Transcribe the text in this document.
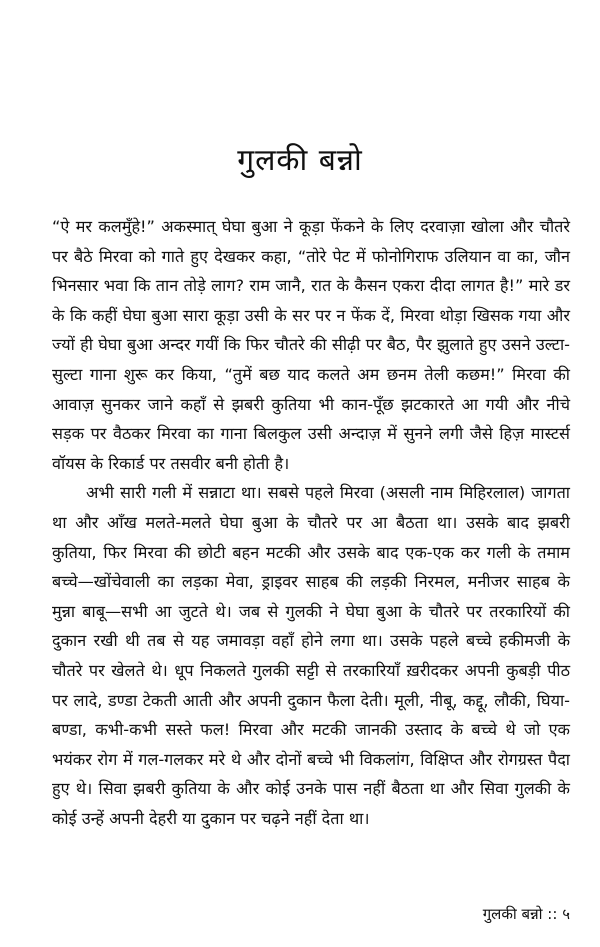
गुलकी बन्नो

“ऐ मर कलमुँहे!” अकस्मात् घेघा बुआ ने कूड़ा फेंकने के लिए दरवाज़ा खोला और चौतरे पर बैठे मिरवा को गाते हुए देखकर कहा, “तोरे पेट में फोनोगिराफ उलियान वा का, जौन भिनसार भवा कि तान तोड़े लाग? राम जानै, रात के कैसन एकरा दीदा लागत है!” मारे डर के कि कहीं घेघा बुआ सारा कूड़ा उसी के सर पर न फेंक दें, मिरवा थोड़ा खिसक गया और ज्यों ही घेघा बुआ अन्दर गयीं कि फिर चौतरे की सीढ़ी पर बैठ, पैर झुलाते हुए उसने उल्टा-सुल्टा गाना शुरू कर किया, “तुमें बछ याद कलते अम छनम तेली कछम!” मिरवा की आवाज़ सुनकर जाने कहाँ से झबरी कुतिया भी कान-पूँछ झटकारते आ गयी और नीचे सड़क पर वैठकर मिरवा का गाना बिलकुल उसी अन्दाज़ में सुनने लगी जैसे हिज़ मास्टर्स वॉयस के रिकार्ड पर तसवीर बनी होती है।

अभी सारी गली में सन्नाटा था। सबसे पहले मिरवा (असली नाम मिहिरलाल) जागता था और आँख मलते-मलते घेघा बुआ के चौतरे पर आ बैठता था। उसके बाद झबरी कुतिया, फिर मिरवा की छोटी बहन मटकी और उसके बाद एक-एक कर गली के तमाम बच्चे—खोंचेवाली का लड़का मेवा, ड्राइवर साहब की लड़की निरमल, मनीजर साहब के मुन्ना बाबू—सभी आ जुटते थे। जब से गुलकी ने घेघा बुआ के चौतरे पर तरकारियों की दुकान रखी थी तब से यह जमावड़ा वहाँ होने लगा था। उसके पहले बच्चे हकीमजी के चौतरे पर खेलते थे। धूप निकलते गुलकी सट्टी से तरकारियाँ ख़रीदकर अपनी कुबड़ी पीठ पर लादे, डण्डा टेकती आती और अपनी दुकान फैला देती। मूली, नीबू, कद्दू, लौकी, घिया-बण्डा, कभी-कभी सस्ते फल! मिरवा और मटकी जानकी उस्ताद के बच्चे थे जो एक भयंकर रोग में गल-गलकर मरे थे और दोनों बच्चे भी विकलांग, विक्षिप्त और रोगग्रस्त पैदा हुए थे। सिवा झबरी कुतिया के और कोई उनके पास नहीं बैठता था और सिवा गुलकी के कोई उन्हें अपनी देहरी या दुकान पर चढ़ने नहीं देता था।

गुलकी बन्नो :: ५
